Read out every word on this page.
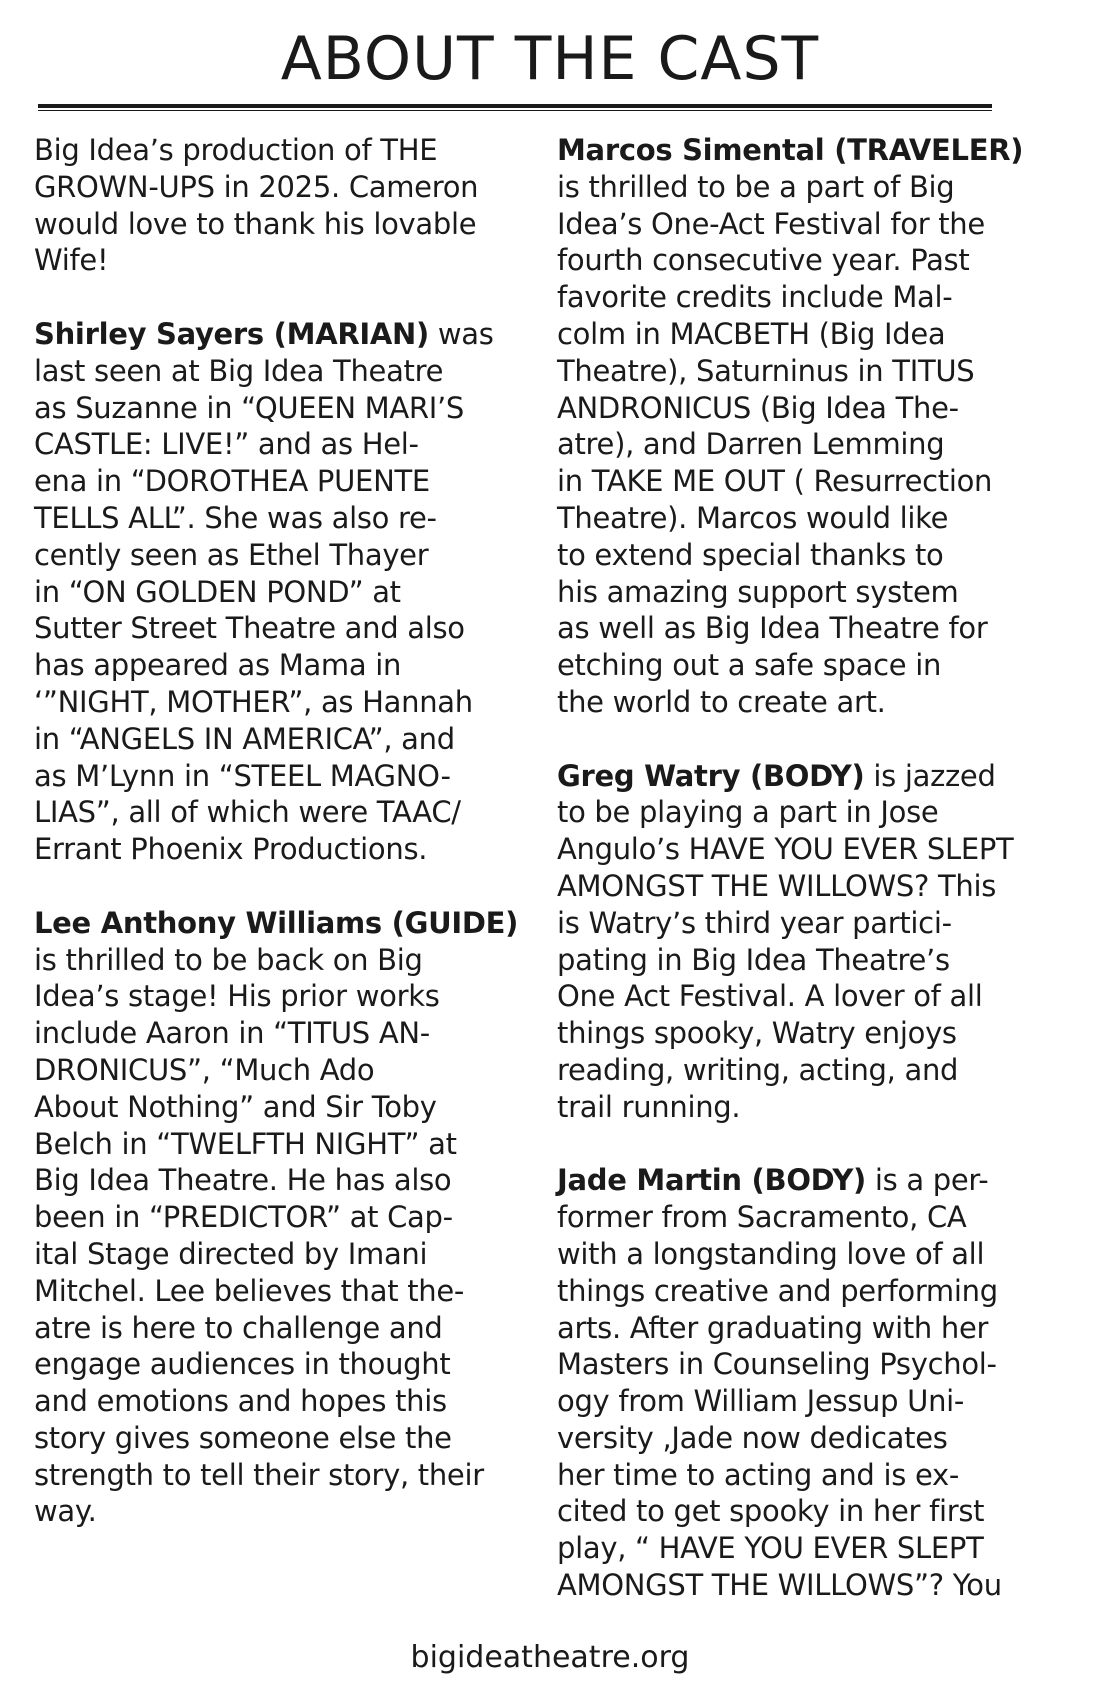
ABOUT THE CAST
Big Idea’s production of THE
GROWN-UPS in 2025. Cameron
would love to thank his lovable
Wife!
Shirley Sayers (MARIAN) was
last seen at Big Idea Theatre
as Suzanne in “QUEEN MARI’S
CASTLE: LIVE!” and as Hel-
ena in “DOROTHEA PUENTE
TELLS ALL”. She was also re-
cently seen as Ethel Thayer
in “ON GOLDEN POND” at
Sutter Street Theatre and also
has appeared as Mama in
‘”NIGHT, MOTHER”, as Hannah
in “ANGELS IN AMERICA”, and
as M’Lynn in “STEEL MAGNO-
LIAS”, all of which were TAAC/
Errant Phoenix Productions.
Lee Anthony Williams (GUIDE)
is thrilled to be back on Big
Idea’s stage! His prior works
include Aaron in “TITUS AN-
DRONICUS”, “Much Ado
About Nothing” and Sir Toby
Belch in “TWELFTH NIGHT” at
Big Idea Theatre. He has also
been in “PREDICTOR” at Cap-
ital Stage directed by Imani
Mitchel. Lee believes that the-
atre is here to challenge and
engage audiences in thought
and emotions and hopes this
story gives someone else the
strength to tell their story, their
way.
Marcos Simental (TRAVELER)
is thrilled to be a part of Big
Idea’s One-Act Festival for the
fourth consecutive year. Past
favorite credits include Mal-
colm in MACBETH (Big Idea
Theatre), Saturninus in TITUS
ANDRONICUS (Big Idea The-
atre), and Darren Lemming
in TAKE ME OUT ( Resurrection
Theatre). Marcos would like
to extend special thanks to
his amazing support system
as well as Big Idea Theatre for
etching out a safe space in
the world to create art.
Greg Watry (BODY) is jazzed
to be playing a part in Jose
Angulo’s HAVE YOU EVER SLEPT
AMONGST THE WILLOWS? This
is Watry’s third year partici-
pating in Big Idea Theatre’s
One Act Festival. A lover of all
things spooky, Watry enjoys
reading, writing, acting, and
trail running.
Jade Martin (BODY) is a per-
former from Sacramento, CA
with a longstanding love of all
things creative and performing
arts. After graduating with her
Masters in Counseling Psychol-
ogy from William Jessup Uni-
versity ,Jade now dedicates
her time to acting and is ex-
cited to get spooky in her first
play, “ HAVE YOU EVER SLEPT
AMONGST THE WILLOWS”? You
bigideatheatre.org
